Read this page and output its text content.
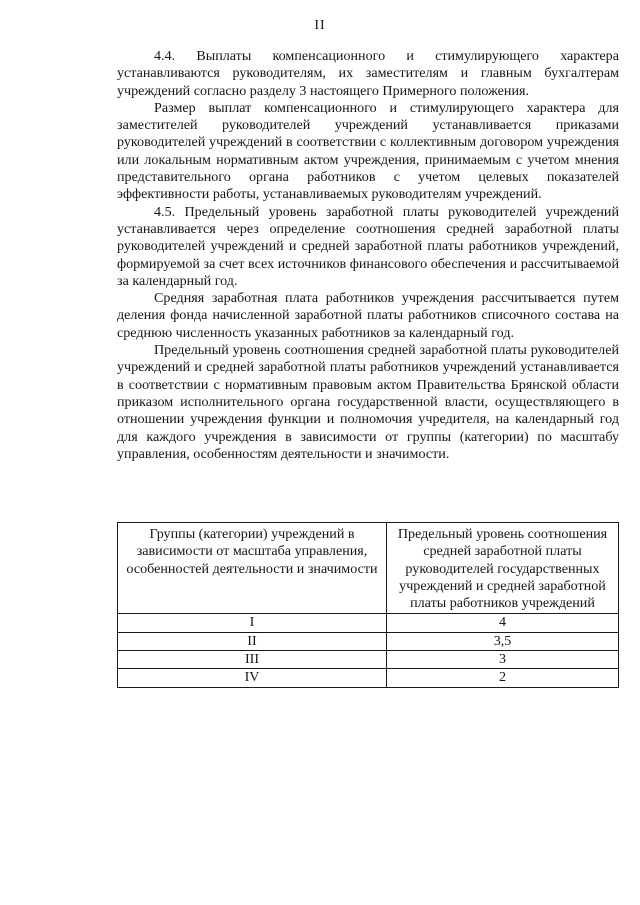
II

4.4. Выплаты компенсационного и стимулирующего характера устанавливаются руководителям, их заместителям и главным бухгалтерам учреждений согласно разделу 3 настоящего Примерного положения.

Размер выплат компенсационного и стимулирующего характера для заместителей руководителей учреждений устанавливается приказами руководителей учреждений в соответствии с коллективным договором учреждения или локальным нормативным актом учреждения, принимаемым с учетом мнения представительного органа работников с учетом целевых показателей эффективности работы, устанавливаемых руководителям учреждений.

4.5. Предельный уровень заработной платы руководителей учреждений устанавливается через определение соотношения средней заработной платы руководителей учреждений и средней заработной платы работников учреждений, формируемой за счет всех источников финансового обеспечения и рассчитываемой за календарный год.

Средняя заработная плата работников учреждения рассчитывается путем деления фонда начисленной заработной платы работников списочного состава на среднюю численность указанных работников за календарный год.

Предельный уровень соотношения средней заработной платы руководителей учреждений и средней заработной платы работников учреждений устанавливается в соответствии с нормативным правовым актом Правительства Брянской области приказом исполнительного органа государственной власти, осуществляющего в отношении учреждения функции и полномочия учредителя, на календарный год для каждого учреждения в зависимости от группы (категории) по масштабу управления, особенностям деятельности и значимости.

Группы (категории) учреждений в зависимости от масштаба управления, особенностей деятельности и значимости	Предельный уровень соотношения средней заработной платы руководителей государственных учреждений и средней заработной платы работников учреждений
I	4
II	3,5
III	3
IV	2
